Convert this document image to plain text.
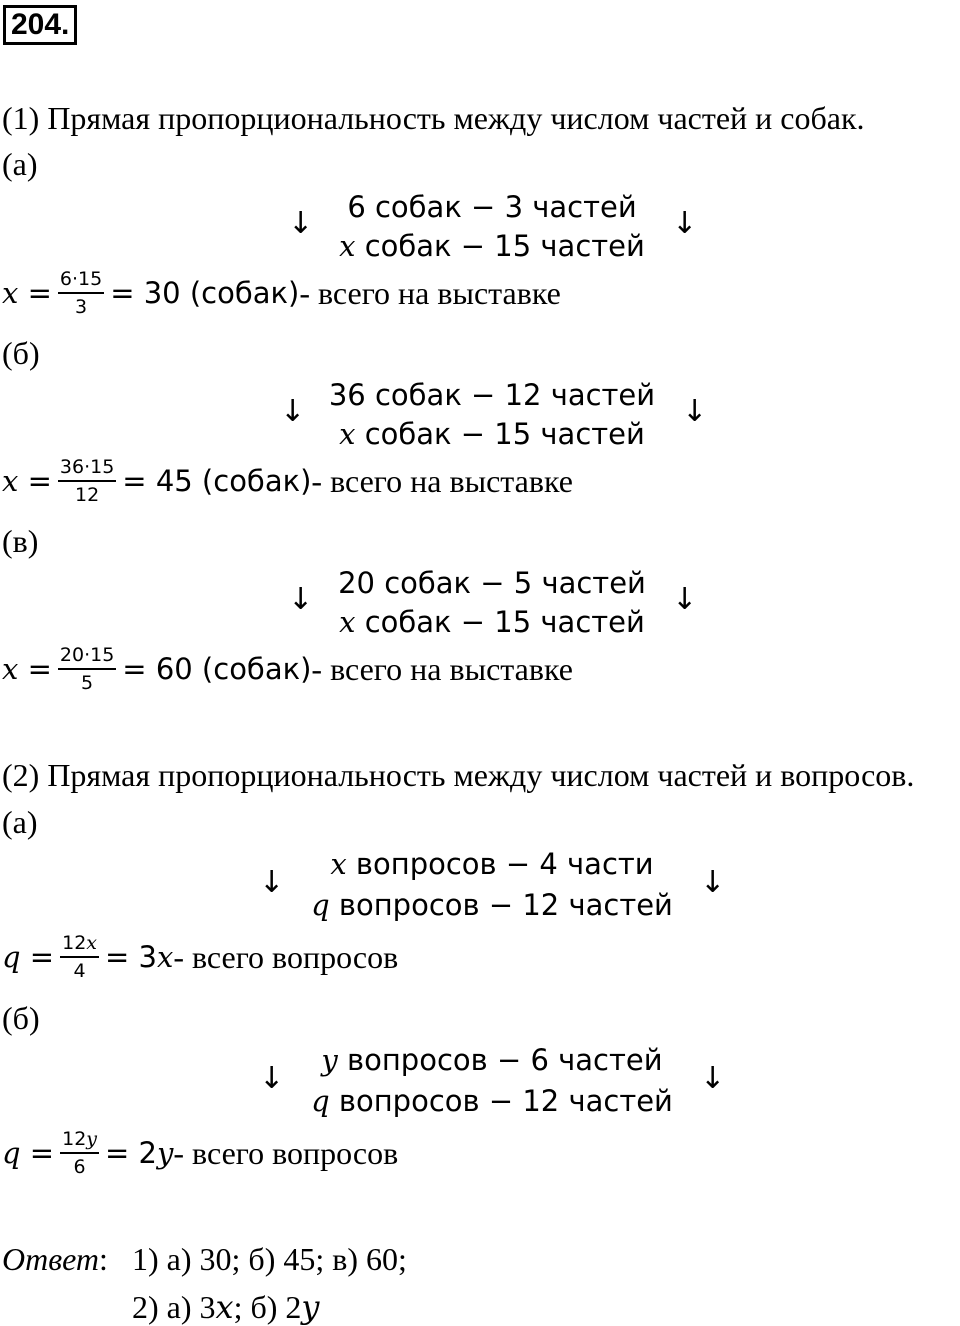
204.
(1) Прямая пропорциональность между числом частей и собак.
(а)
↓	6 собак − 3 частей
x собак − 15 частей
↓
$x = \frac{6\cdot 15}{3} = 30$ (собак) - всего на выставке
(б)
↓ 36 собак − 12 частей
x собак − 15 частей
↓
$x = \frac{36\cdot 15}{12} = 45$ (собак) - всего на выставке
(в)
↓ 20 собак − 5 частей
x собак − 15 частей
↓
$x = \frac{20\cdot 15}{5} = 60$ (собак) - всего на выставке
(2) Прямая пропорциональность между числом частей и вопросов.
(а)
↓
x вопросов − 4 части
q вопросов − 12 частей
↓
$q = \frac{12x}{4} = 3x$ - всего вопросов
(б)
↓
y вопросов − 6 частей
q вопросов − 12 частей
↓
$q = \frac{12y}{6} = 2y$ - всего вопросов
Ответ: 1) а) 30; б) 45; в) 60;
2) а) 3x; б) 2y
